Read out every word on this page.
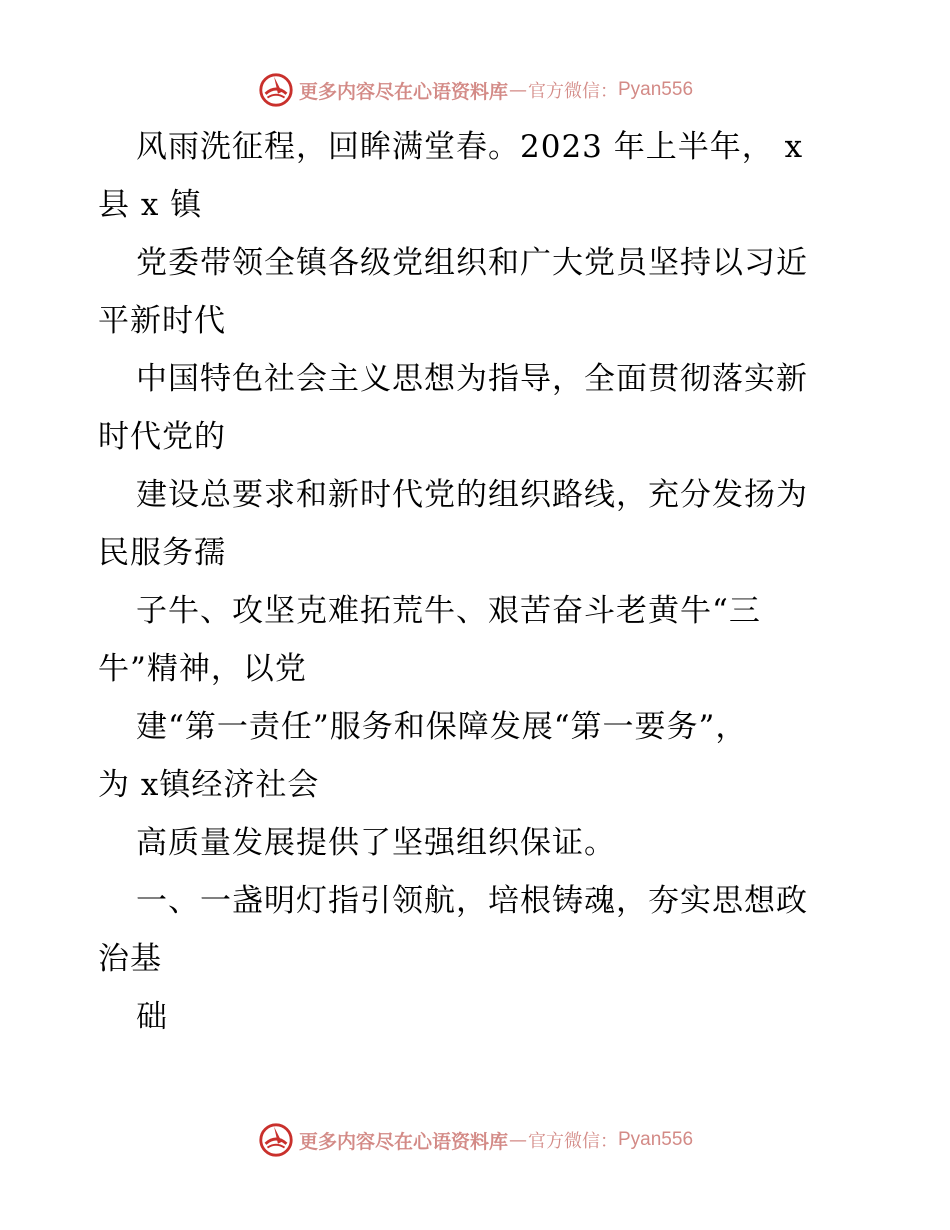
更多内容尽在心语资料库 — 官方微信： Pyan556
风雨洗征程，回眸满堂春。2023 年上半年， x
县 x 镇
党委带领全镇各级党组织和广大党员坚持以习近
平新时代
中国特色社会主义思想为指导，全面贯彻落实新
时代党的
建设总要求和新时代党的组织路线，充分发扬为
民服务孺
子牛、攻坚克难拓荒牛、艰苦奋斗老黄牛“三
牛”精神，以党
建“第一责任”服务和保障发展“第一要务”，
为 x镇经济社会
高质量发展提供了坚强组织保证。
一、一盏明灯指引领航，培根铸魂，夯实思想政
治基
础
更多内容尽在心语资料库 — 官方微信： Pyan556
